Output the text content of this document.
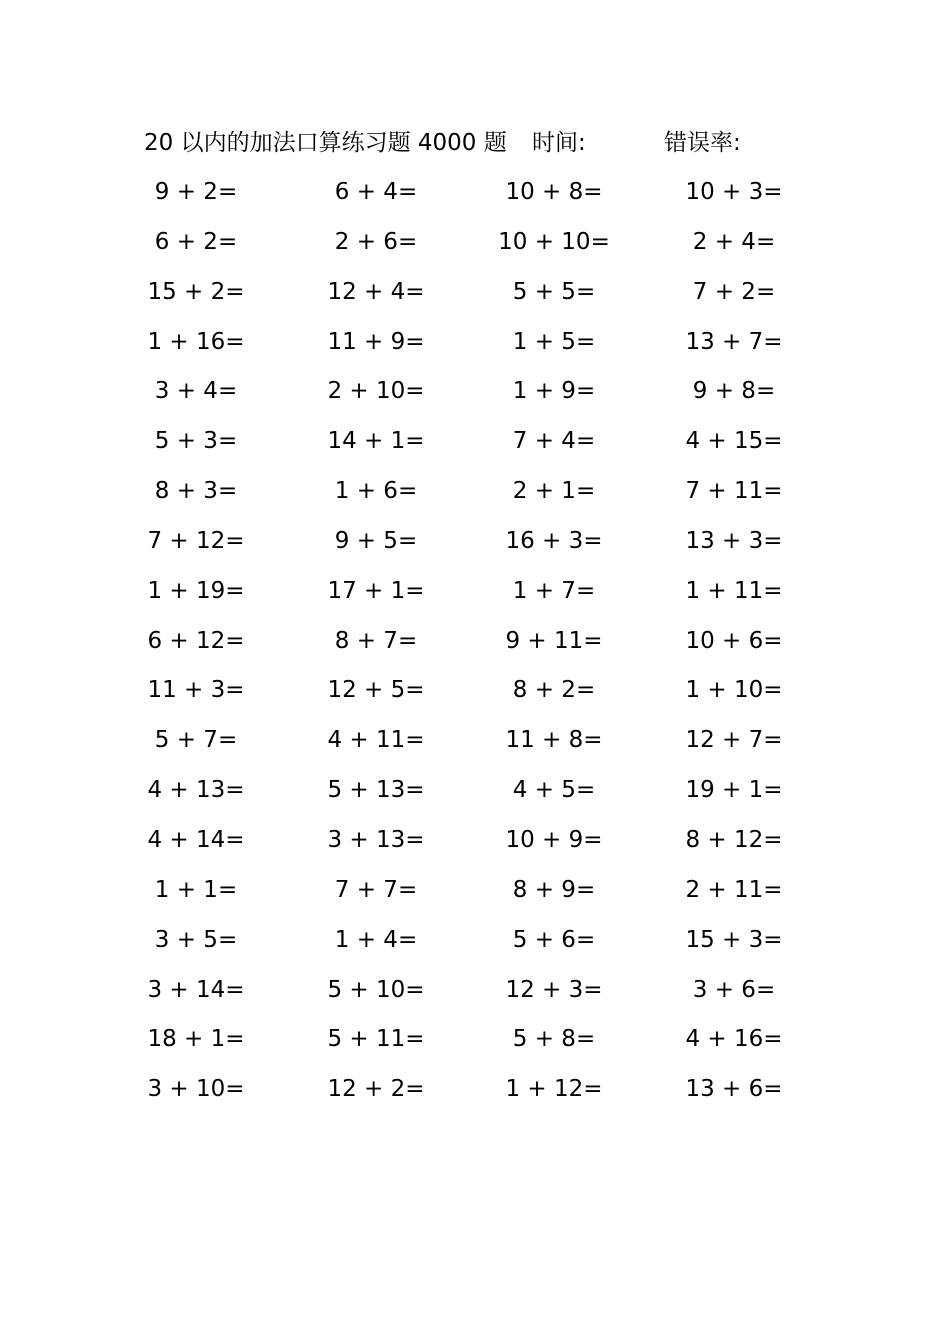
20 以内的加法口算练习题 4000 题 时间:	错误率:
9 + 2=	6 + 4=	10 + 8=	10 + 3=
6 + 2=	2 + 6=	10 + 10=	2 + 4=
15 + 2=	12 + 4=	5 + 5=	7 + 2=
1 + 16=	11 + 9=	1 + 5=	13 + 7=
3 + 4=	2 + 10=	1 + 9=	9 + 8=
5 + 3=	14 + 1=	7 + 4=	4 + 15=
8 + 3=	1 + 6=	2 + 1=	7 + 11=
7 + 12=	9 + 5=	16 + 3=	13 + 3=
1 + 19=	17 + 1=	1 + 7=	1 + 11=
6 + 12=	8 + 7=	9 + 11=	10 + 6=
11 + 3=	12 + 5=	8 + 2=	1 + 10=
5 + 7=	4 + 11=	11 + 8=	12 + 7=
4 + 13=	5 + 13=	4 + 5=	19 + 1=
4 + 14=	3 + 13=	10 + 9=	8 + 12=
1 + 1=	7 + 7=	8 + 9=	2 + 11=
3 + 5=	1 + 4=	5 + 6=	15 + 3=
3 + 14=	5 + 10=	12 + 3=	3 + 6=
18 + 1=	5 + 11=	5 + 8=	4 + 16=
3 + 10=	12 + 2=	1 + 12=	13 + 6=
